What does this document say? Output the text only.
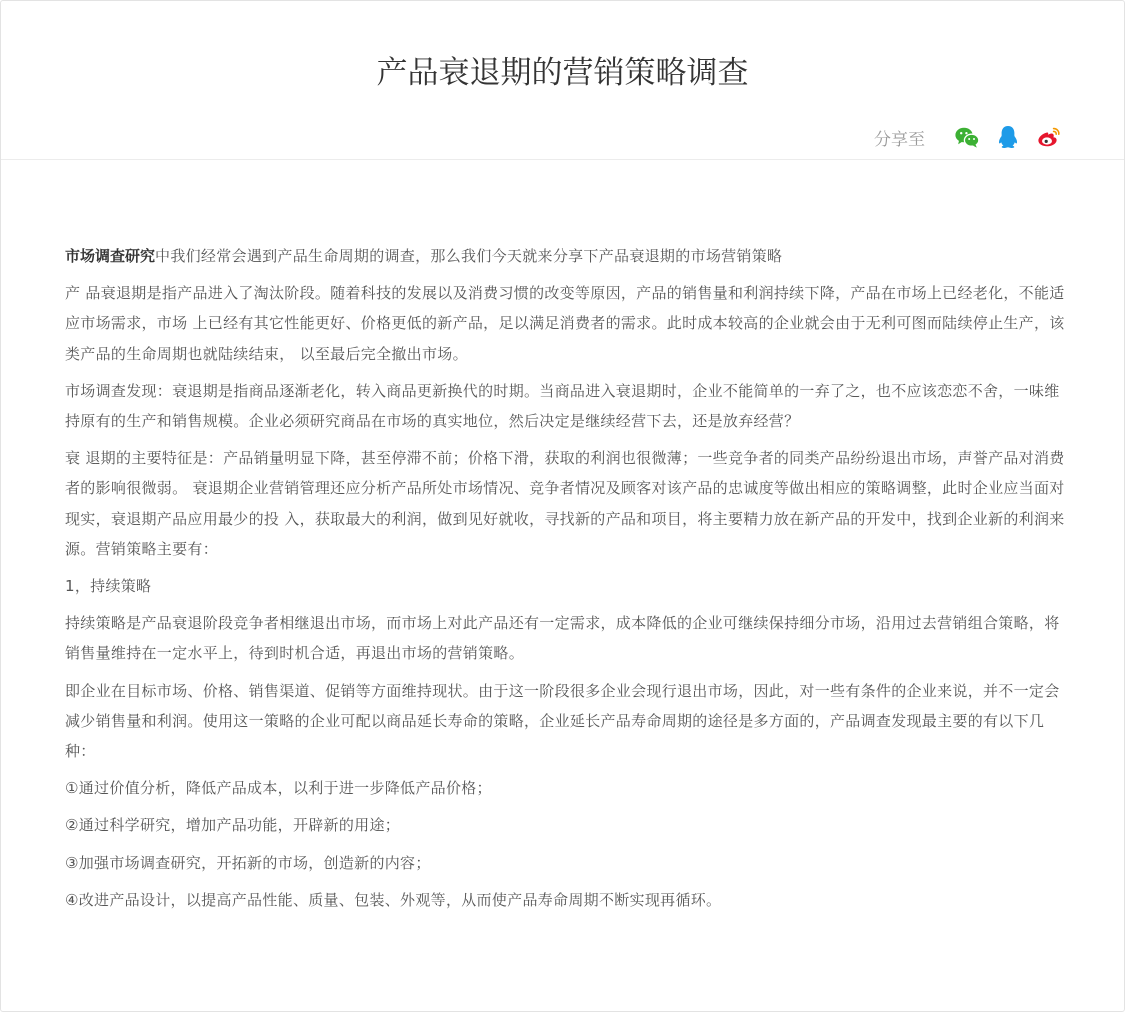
产品衰退期的营销策略调查
分享至

市场调查研究中我们经常会遇到产品生命周期的调查，那么我们今天就来分享下产品衰退期的市场营销策略

产 品衰退期是指产品进入了淘汰阶段。随着科技的发展以及消费习惯的改变等原因，产品的销售量和利润持续下降，产品在市场上已经老化，不能适应市场需求，市场 上已经有其它性能更好、价格更低的新产品，足以满足消费者的需求。此时成本较高的企业就会由于无利可图而陆续停止生产，该类产品的生命周期也就陆续结束， 以至最后完全撤出市场。

市场调查发现：衰退期是指商品逐渐老化，转入商品更新换代的时期。当商品进入衰退期时，企业不能简单的一弃了之，也不应该恋恋不舍，一味维持原有的生产和销售规模。企业必须研究商品在市场的真实地位，然后决定是继续经营下去，还是放弃经营？

衰 退期的主要特征是：产品销量明显下降，甚至停滞不前；价格下滑，获取的利润也很微薄；一些竞争者的同类产品纷纷退出市场，声誉产品对消费者的影响很微弱。 衰退期企业营销管理还应分析产品所处市场情况、竞争者情况及顾客对该产品的忠诚度等做出相应的策略调整，此时企业应当面对现实，衰退期产品应用最少的投 入，获取最大的利润，做到见好就收，寻找新的产品和项目，将主要精力放在新产品的开发中，找到企业新的利润来源。营销策略主要有：

1，持续策略

持续策略是产品衰退阶段竞争者相继退出市场，而市场上对此产品还有一定需求，成本降低的企业可继续保持细分市场，沿用过去营销组合策略，将销售量维持在一定水平上，待到时机合适，再退出市场的营销策略。

即企业在目标市场、价格、销售渠道、促销等方面维持现状。由于这一阶段很多企业会现行退出市场，因此，对一些有条件的企业来说，并不一定会减少销售量和利润。使用这一策略的企业可配以商品延长寿命的策略，企业延长产品寿命周期的途径是多方面的，产品调查发现最主要的有以下几种：

①通过价值分析，降低产品成本，以利于进一步降低产品价格；

②通过科学研究，增加产品功能，开辟新的用途；

③加强市场调查研究，开拓新的市场，创造新的内容；

④改进产品设计，以提高产品性能、质量、包装、外观等，从而使产品寿命周期不断实现再循环。
